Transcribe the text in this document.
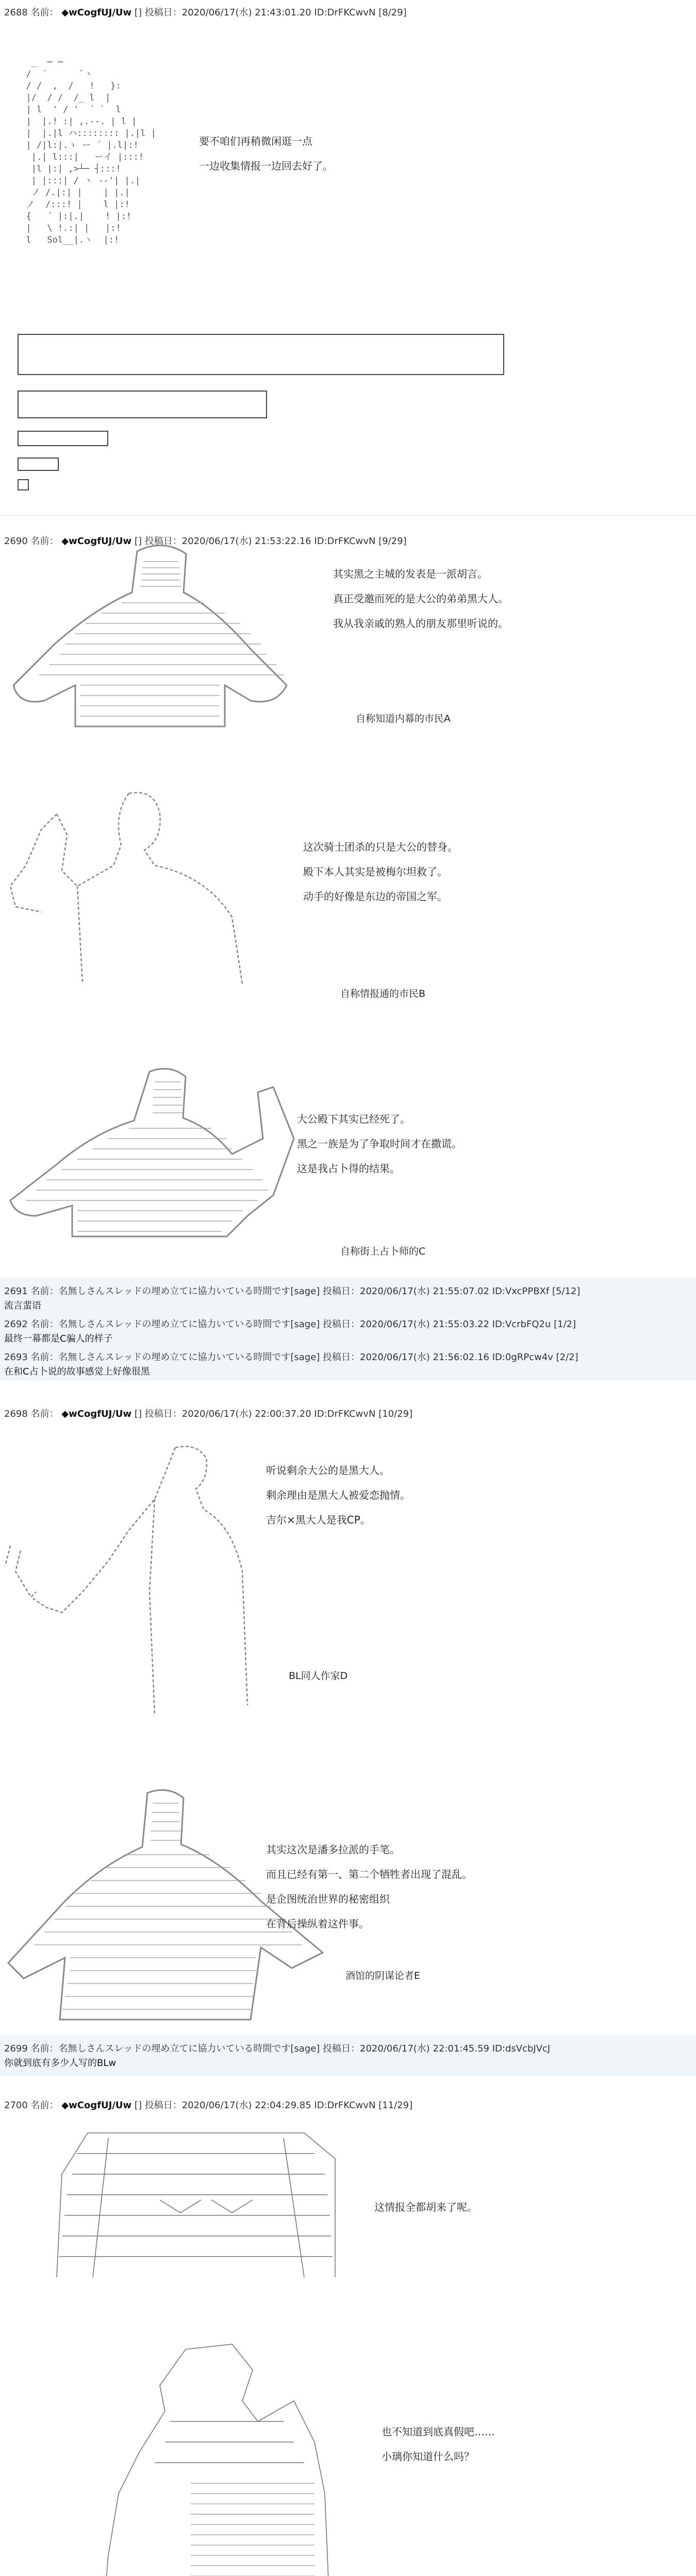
2688 名前： ◆wCogfUJ/Uw [] 投稿日：2020/06/17(水) 21:43:01.20 ID:DrFKCwvN [8/29]
_  ─ ─
/  ´      `ヽ
/ /  ,  /   !   }:
|/  / /  /_ l  |
| l  ' / '  ´ `  l
|  |.! :| ,.--. | l |
|  |.|l ハ:::::::: |.|l |
| /|l:|.ゝ ー ´ |.l|:!
|.| l:::|   ーイ |:::!
|l |:| ,>┴─ ┤:::!
| |:::| / ヽ -‐'| |.|
ノ /.|:| |    | |.|
ノ  /:::! |    l |:!
{   ´ |:|.|    ! |:!
|   \ !.:| |   |:!
l   Sol__|.ヽ  |:!
要不咱们再稍微闲逛一点
一边收集情报一边回去好了。
2690 名前： ◆wCogfUJ/Uw [] 投稿日：2020/06/17(水) 21:53:22.16 ID:DrFKCwvN [9/29]
其实黑之主城的发表是一派胡言。
真正受邀而死的是大公的弟弟黑大人。
我从我亲戚的熟人的朋友那里听说的。
自称知道内幕的市民A
这次骑士团杀的只是大公的替身。
殿下本人其实是被梅尔坦救了。
动手的好像是东边的帝国之军。
自称情报通的市民B
大公殿下其实已经死了。
黑之一族是为了争取时间才在撒谎。
这是我占卜得的结果。
自称街上占卜师的C
2691 名前：名無しさんスレッドの埋め立てに協力いている時間です[sage] 投稿日：2020/06/17(水) 21:55:07.02 ID:VxcPPBXf [5/12]
流言蜚语
2692 名前：名無しさんスレッドの埋め立てに協力いている時間です[sage] 投稿日：2020/06/17(水) 21:55:03.22 ID:VcrbFQ2u [1/2]
最终一幕都是C骗人的样子
2693 名前：名無しさんスレッドの埋め立てに協力いている時間です[sage] 投稿日：2020/06/17(水) 21:56:02.16 ID:0gRPcw4v [2/2]
在和C占卜说的故事感觉上好像很黑
2698 名前： ◆wCogfUJ/Uw [] 投稿日：2020/06/17(水) 22:00:37.20 ID:DrFKCwvN [10/29]
听说剩余大公的是黑大人。
剩余理由是黑大人被爱恋抛情。
吉尔×黑大人是我CP。
BL同人作家D
其实这次是潘多拉派的手笔。
而且已经有第一、第二个牺牲者出现了混乱。
是企图统治世界的秘密组织
在背后操纵着这件事。
酒馆的阴谋论者E
2699 名前：名無しさんスレッドの埋め立てに協力いている時間です[sage] 投稿日：2020/06/17(水) 22:01:45.59 ID:dsVcbJVcJ
你就到底有多少人写的BLw
2700 名前： ◆wCogfUJ/Uw [] 投稿日：2020/06/17(水) 22:04:29.85 ID:DrFKCwvN [11/29]
这情报全都胡来了呢。
也不知道到底真假吧……
小璃你知道什么吗？
